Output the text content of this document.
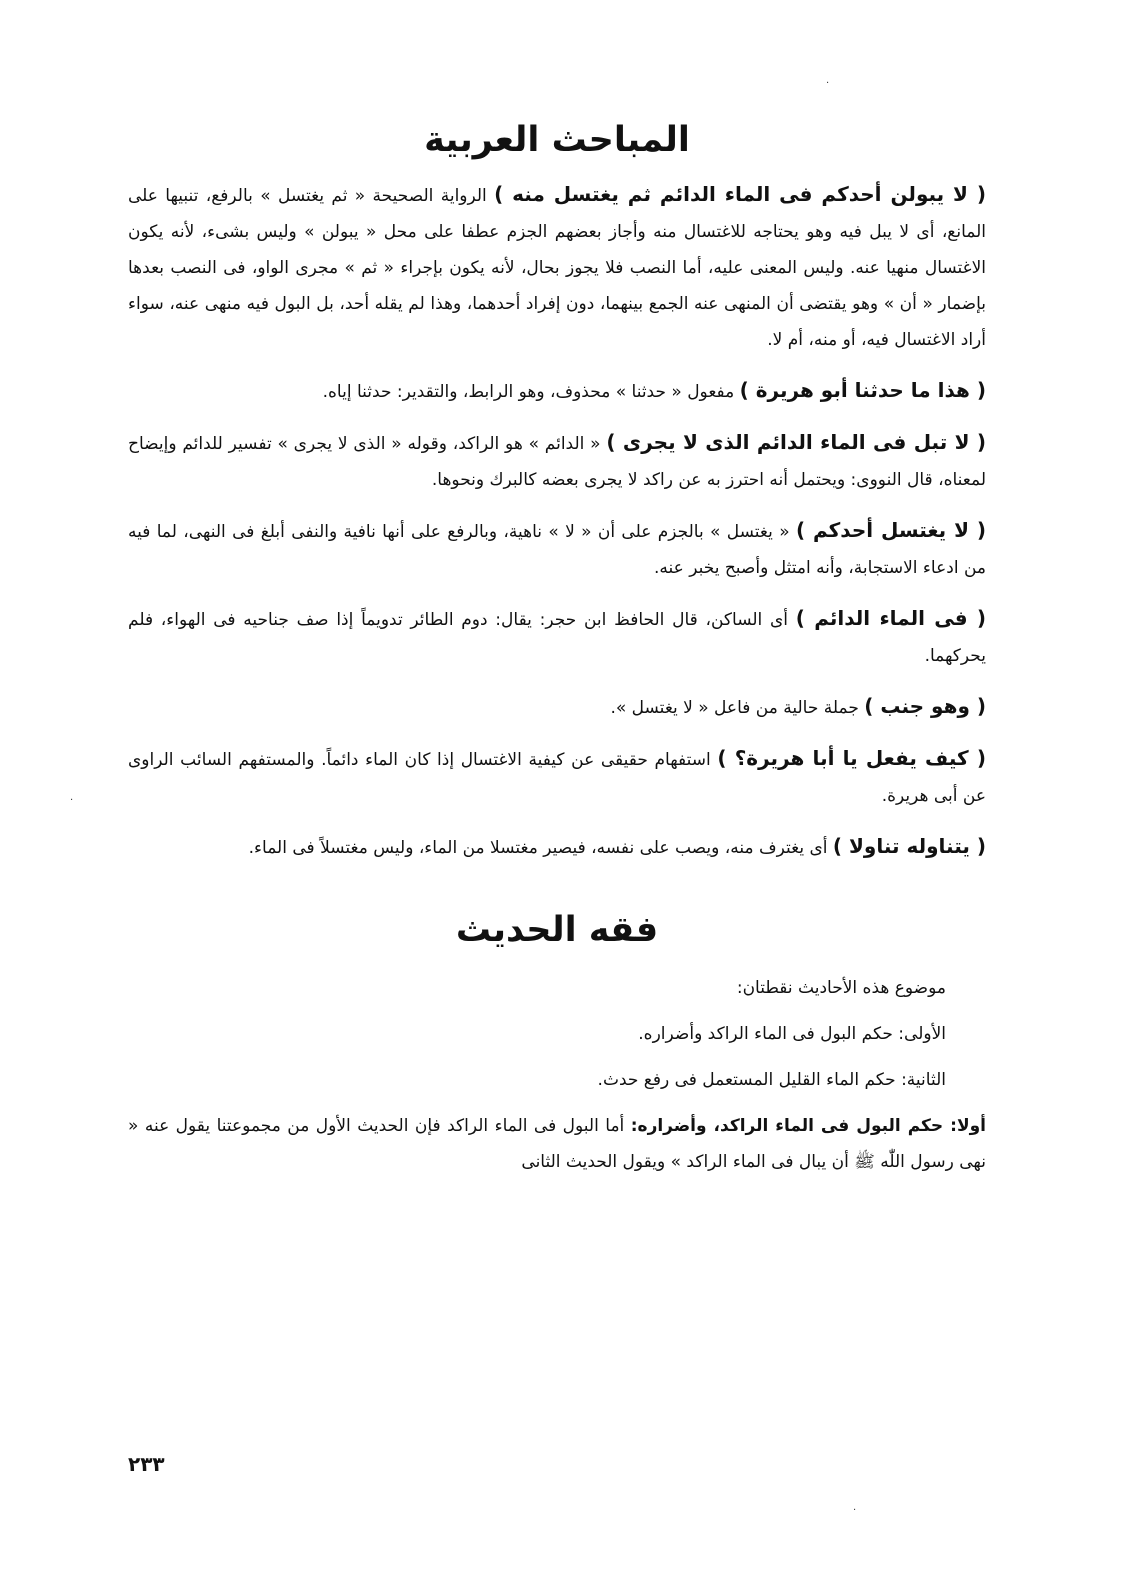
·
·
·
المباحث العربية

( لا يبولن أحدكم فى الماء الدائم ثم يغتسل منه ) الرواية الصحيحة « ثم يغتسل » بالرفع، تنبيها على المانع، أى لا يبل فيه وهو يحتاجه للاغتسال منه وأجاز بعضهم الجزم عطفا على محل « يبولن » وليس بشىء، لأنه يكون الاغتسال منهيا عنه. وليس المعنى عليه، أما النصب فلا يجوز بحال، لأنه يكون بإجراء « ثم » مجرى الواو، فى النصب بعدها بإضمار « أن » وهو يقتضى أن المنهى عنه الجمع بينهما، دون إفراد أحدهما، وهذا لم يقله أحد، بل البول فيه منهى عنه، سواء أراد الاغتسال فيه، أو منه، أم لا.

( هذا ما حدثنا أبو هريرة ) مفعول « حدثنا » محذوف، وهو الرابط، والتقدير: حدثنا إياه.

( لا تبل فى الماء الدائم الذى لا يجرى ) « الدائم » هو الراكد، وقوله « الذى لا يجرى » تفسير للدائم وإيضاح لمعناه، قال النووى: ويحتمل أنه احترز به عن راكد لا يجرى بعضه كالبرك ونحوها.

( لا يغتسل أحدكم ) « يغتسل » بالجزم على أن « لا » ناهية، وبالرفع على أنها نافية والنفى أبلغ فى النهى، لما فيه من ادعاء الاستجابة، وأنه امتثل وأصبح يخبر عنه.

( فى الماء الدائم ) أى الساكن، قال الحافظ ابن حجر: يقال: دوم الطائر تدويماً إذا صف جناحيه فى الهواء، فلم يحركهما.

( وهو جنب ) جملة حالية من فاعل « لا يغتسل ».

( كيف يفعل يا أبا هريرة؟ ) استفهام حقيقى عن كيفية الاغتسال إذا كان الماء دائماً. والمستفهم السائب الراوى عن أبى هريرة.

( يتناوله تناولا ) أى يغترف منه، ويصب على نفسه، فيصير مغتسلا من الماء، وليس مغتسلاً فى الماء.

فقه الحديث

موضوع هذه الأحاديث نقطتان:

الأولى: حكم البول فى الماء الراكد وأضراره.

الثانية: حكم الماء القليل المستعمل فى رفع حدث.

أولا: حكم البول فى الماء الراكد، وأضراره: أما البول فى الماء الراكد فإن الحديث الأول من مجموعتنا يقول عنه « نهى رسول اللّٰه ﷺ أن يبال فى الماء الراكد » ويقول الحديث الثانى

٢٣٣
